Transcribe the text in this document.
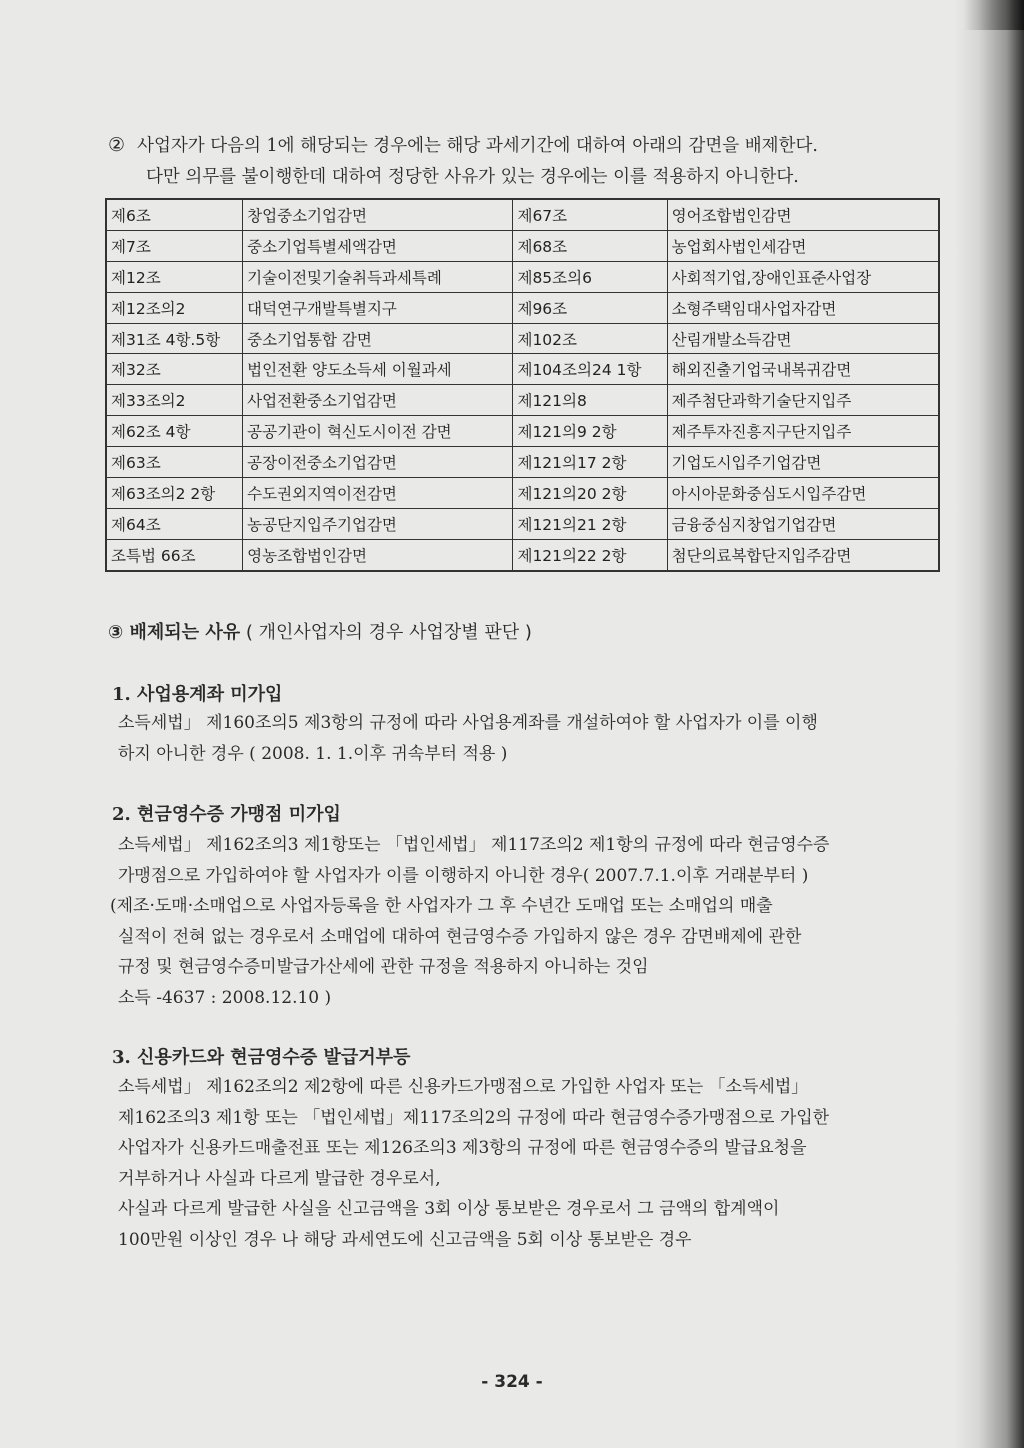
② 사업자가 다음의 1에 해당되는 경우에는 해당 과세기간에 대하여 아래의 감면을 배제한다.
다만 의무를 불이행한데 대하여 정당한 사유가 있는 경우에는 이를 적용하지 아니한다.
제6조	창업중소기업감면	제67조	영어조합법인감면
제7조	중소기업특별세액감면	제68조	농업회사법인세감면
제12조	기술이전및기술취득과세특례	제85조의6	사회적기업,장애인표준사업장
제12조의2	대덕연구개발특별지구	제96조	소형주택임대사업자감면
제31조 4항.5항	중소기업통합 감면	제102조	산림개발소득감면
제32조	법인전환 양도소득세 이월과세	제104조의24 1항	해외진출기업국내복귀감면
제33조의2	사업전환중소기업감면	제121의8	제주첨단과학기술단지입주
제62조 4항	공공기관이 혁신도시이전 감면	제121의9 2항	제주투자진흥지구단지입주
제63조	공장이전중소기업감면	제121의17 2항	기업도시입주기업감면
제63조의2 2항	수도권외지역이전감면	제121의20 2항	아시아문화중심도시입주감면
제64조	농공단지입주기업감면	제121의21 2항	금융중심지창업기업감면
조특법 66조	영농조합법인감면	제121의22 2항	첨단의료복합단지입주감면
③ 배제되는 사유 ( 개인사업자의 경우 사업장별 판단 )
1. 사업용계좌 미가입

소득세법」 제160조의5 제3항의 규정에 따라 사업용계좌를 개설하여야 할 사업자가 이를 이행

하지 아니한 경우 ( 2008. 1. 1.이후 귀속부터 적용 )

2. 현금영수증 가맹점 미가입

소득세법」 제162조의3 제1항또는 「법인세법」 제117조의2 제1항의 규정에 따라 현금영수증

가맹점으로 가입하여야 할 사업자가 이를 이행하지 아니한 경우( 2007.7.1.이후 거래분부터 )

(제조·도매·소매업으로 사업자등록을 한 사업자가 그 후 수년간 도매업 또는 소매업의 매출

실적이 전혀 없는 경우로서 소매업에 대하여 현금영수증 가입하지 않은 경우 감면배제에 관한

규정 및 현금영수증미발급가산세에 관한 규정을 적용하지 아니하는 것임

소득 -4637 : 2008.12.10 )

3. 신용카드와 현금영수증 발급거부등

소득세법」 제162조의2 제2항에 따른 신용카드가맹점으로 가입한 사업자 또는 「소득세법」

제162조의3 제1항 또는 「법인세법」제117조의2의 규정에 따라 현금영수증가맹점으로 가입한

사업자가 신용카드매출전표 또는 제126조의3 제3항의 규정에 따른 현금영수증의 발급요청을

거부하거나 사실과 다르게 발급한 경우로서,

사실과 다르게 발급한 사실을 신고금액을 3회 이상 통보받은 경우로서 그 금액의 합계액이

100만원 이상인 경우 나 해당 과세연도에 신고금액을 5회 이상 통보받은 경우

- 324 -
